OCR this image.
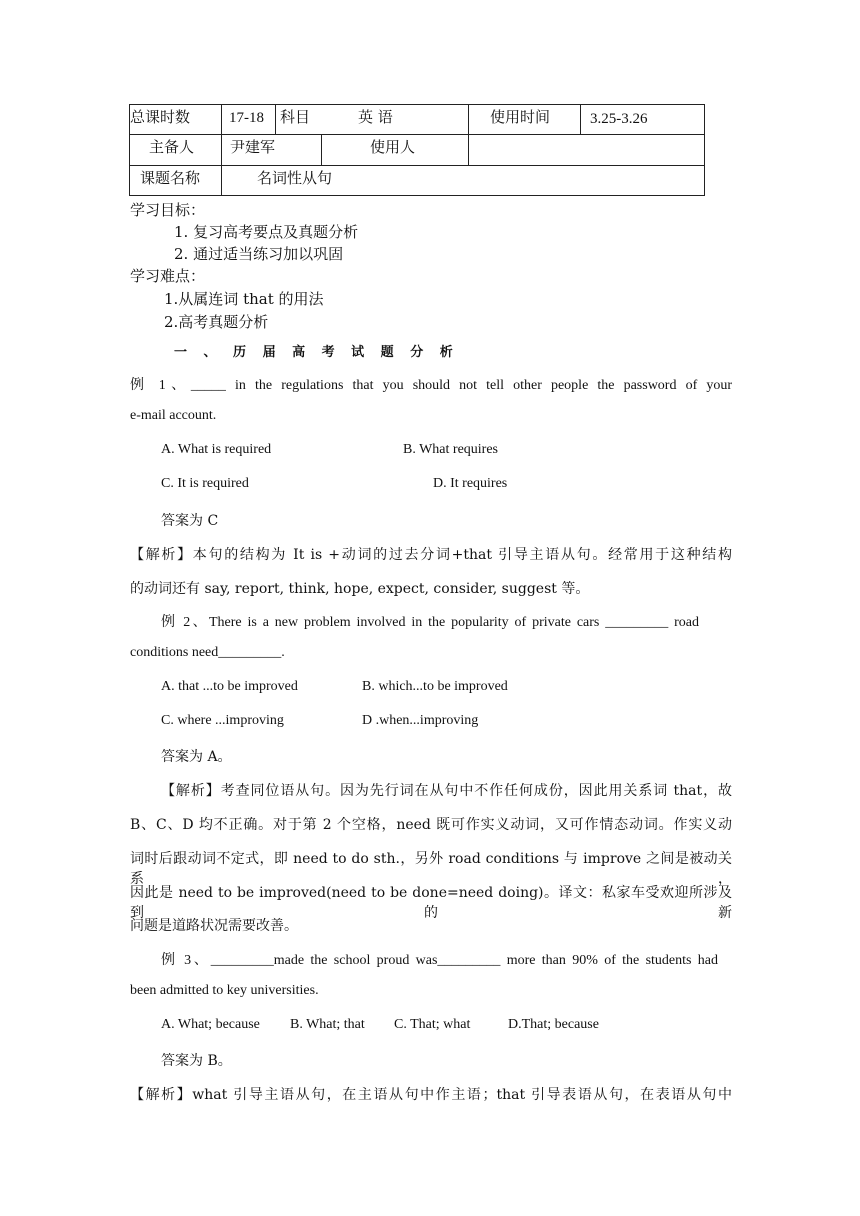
总课时数	17-18 科目	英 语	使用时间	3.25-3.26
主备人 尹建军	使用人
课题名称	名词性从句
学习目标：
1. 复习高考要点及真题分析
2. 通过适当练习加以巩固
学习难点：
1.从属连词 that 的用法
2.高考真题分析
一 、 历 届 高 考 试 题 分 析
例 1、_____ in the regulations that you should not tell other people the password of your
e-mail account.
A. What is required	B. What requires
C. It is required	D. It requires
答案为 C
【解析】本句的结构为 It is +动词的过去分词+that 引导主语从句。经常用于这种结构
的动词还有 say, report, think, hope, expect, consider, suggest 等。
例 2、There is a new problem involved in the popularity of private cars _________ road
conditions need_________.
A. that ...to be improved	B. which...to be improved
C. where ...improving	D .when...improving
答案为 A。
【解析】考查同位语从句。因为先行词在从句中不作任何成份，因此用关系词 that，故
B、C、D 均不正确。对于第 2 个空格，need 既可作实义动词，又可作情态动词。作实义动
词时后跟动词不定式，即 need to do sth.，另外 road conditions 与 improve 之间是被动关系，
因此是 need to be improved(need to be done=need doing)。译文：私家车受欢迎所涉及到的新
问题是道路状况需要改善。
例 3、_________made the school proud was_________ more than 90% of the students had
been admitted to key universities.
A. What; because B. What; that C. That; what	D.That; because
答案为 B。
【解析】what 引导主语从句，在主语从句中作主语；that 引导表语从句，在表语从句中
